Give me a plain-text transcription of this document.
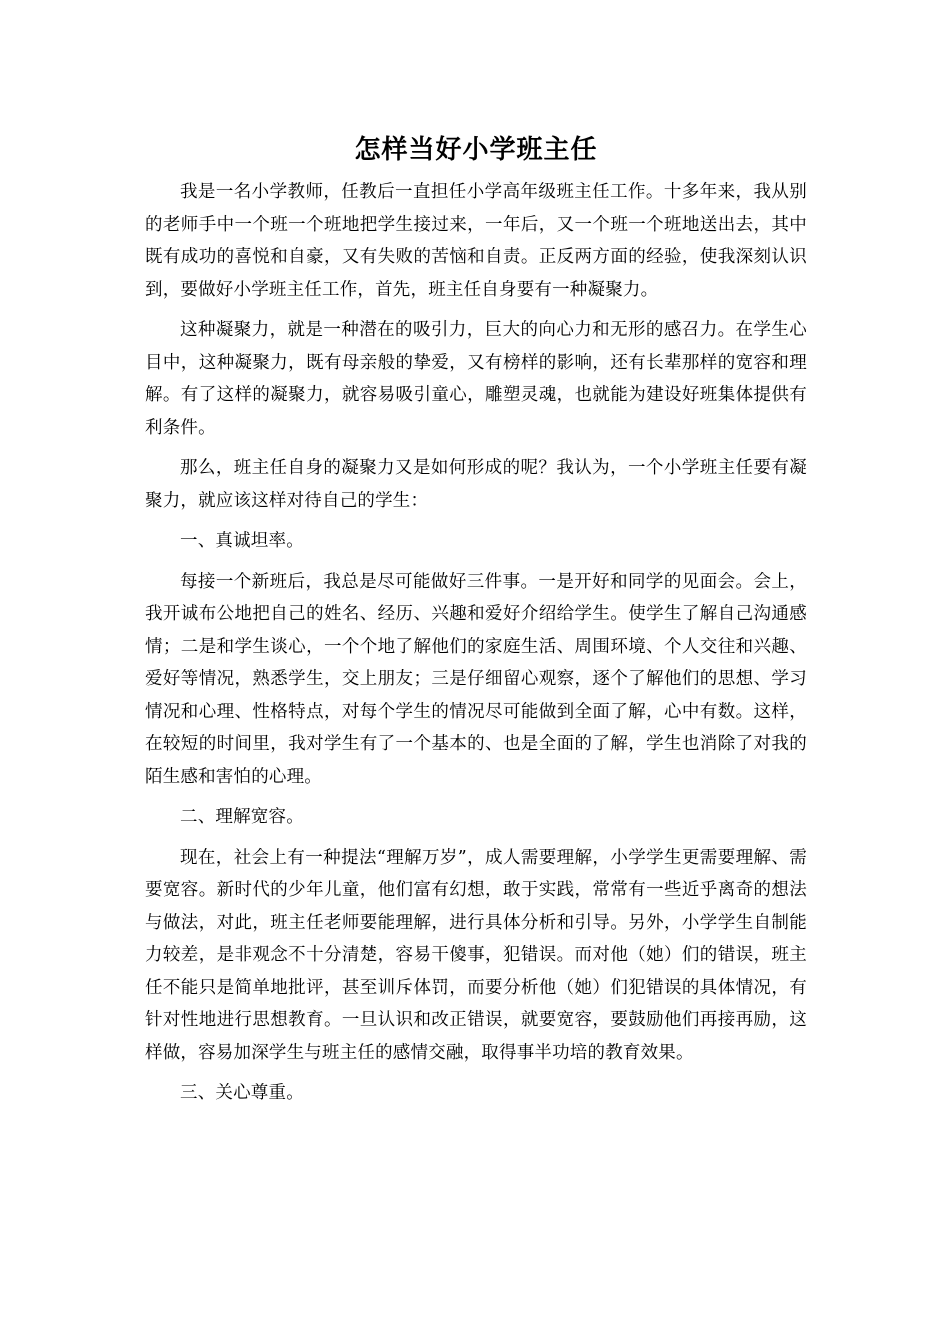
怎样当好小学班主任

我是一名小学教师，任教后一直担任小学高年级班主任工作。十多年来，我从别的老师手中一个班一个班地把学生接过来，一年后，又一个班一个班地送出去，其中既有成功的喜悦和自豪，又有失败的苦恼和自责。正反两方面的经验，使我深刻认识到，要做好小学班主任工作，首先，班主任自身要有一种凝聚力。

这种凝聚力，就是一种潜在的吸引力，巨大的向心力和无形的感召力。在学生心目中，这种凝聚力，既有母亲般的挚爱，又有榜样的影响，还有长辈那样的宽容和理解。有了这样的凝聚力，就容易吸引童心，雕塑灵魂，也就能为建设好班集体提供有利条件。

那么，班主任自身的凝聚力又是如何形成的呢？我认为，一个小学班主任要有凝聚力，就应该这样对待自己的学生：

一、真诚坦率。

每接一个新班后，我总是尽可能做好三件事。一是开好和同学的见面会。会上，我开诚布公地把自己的姓名、经历、兴趣和爱好介绍给学生。使学生了解自己沟通感情；二是和学生谈心，一个个地了解他们的家庭生活、周围环境、个人交往和兴趣、爱好等情况，熟悉学生，交上朋友；三是仔细留心观察，逐个了解他们的思想、学习情况和心理、性格特点，对每个学生的情况尽可能做到全面了解，心中有数。这样，在较短的时间里，我对学生有了一个基本的、也是全面的了解，学生也消除了对我的陌生感和害怕的心理。

二、理解宽容。

现在，社会上有一种提法“理解万岁”，成人需要理解，小学学生更需要理解、需要宽容。新时代的少年儿童，他们富有幻想，敢于实践，常常有一些近乎离奇的想法与做法，对此，班主任老师要能理解，进行具体分析和引导。另外，小学学生自制能力较差，是非观念不十分清楚，容易干傻事，犯错误。而对他（她）们的错误，班主任不能只是简单地批评，甚至训斥体罚，而要分析他（她）们犯错误的具体情况，有针对性地进行思想教育。一旦认识和改正错误，就要宽容，要鼓励他们再接再励，这样做，容易加深学生与班主任的感情交融，取得事半功培的教育效果。

三、关心尊重。
